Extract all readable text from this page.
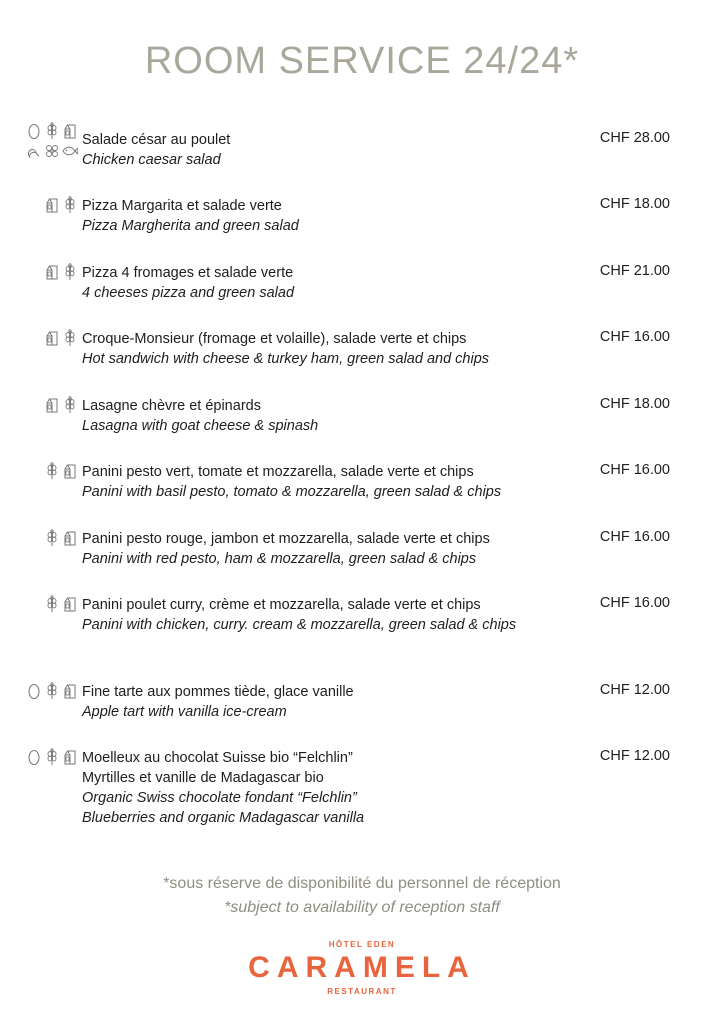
ROOM SERVICE 24/24*
Salade césar au poulet
Chicken caesar salad
CHF 28.00
Pizza Margarita et salade verte
Pizza Margherita and green salad
CHF 18.00
Pizza 4 fromages et salade verte
4 cheeses pizza and green salad
CHF 21.00
Croque-Monsieur (fromage et volaille), salade verte et chips
Hot sandwich with cheese & turkey ham, green salad and chips
CHF 16.00
Lasagne chèvre et épinards
Lasagna with goat cheese & spinash
CHF 18.00
Panini pesto vert, tomate et mozzarella, salade verte et chips
Panini with basil pesto, tomato & mozzarella, green salad & chips
CHF 16.00
Panini pesto rouge, jambon et mozzarella, salade verte et chips
Panini with red pesto, ham & mozzarella, green salad & chips
CHF 16.00
Panini poulet curry, crème et mozzarella, salade verte et chips
Panini with chicken, curry. cream & mozzarella, green salad & chips
CHF 16.00
Fine tarte aux pommes tiède, glace vanille
Apple tart with vanilla ice-cream
CHF 12.00
Moelleux au chocolat Suisse bio “Felchlin”
Myrtilles et vanille de Madagascar bio
Organic Swiss chocolate fondant “Felchlin”
Blueberries and organic Madagascar vanilla
CHF 12.00
*sous réserve de disponibilité du personnel de réception
*subject to availability of reception staff
HÔTEL EDEN
CARAMELA
RESTAURANT
